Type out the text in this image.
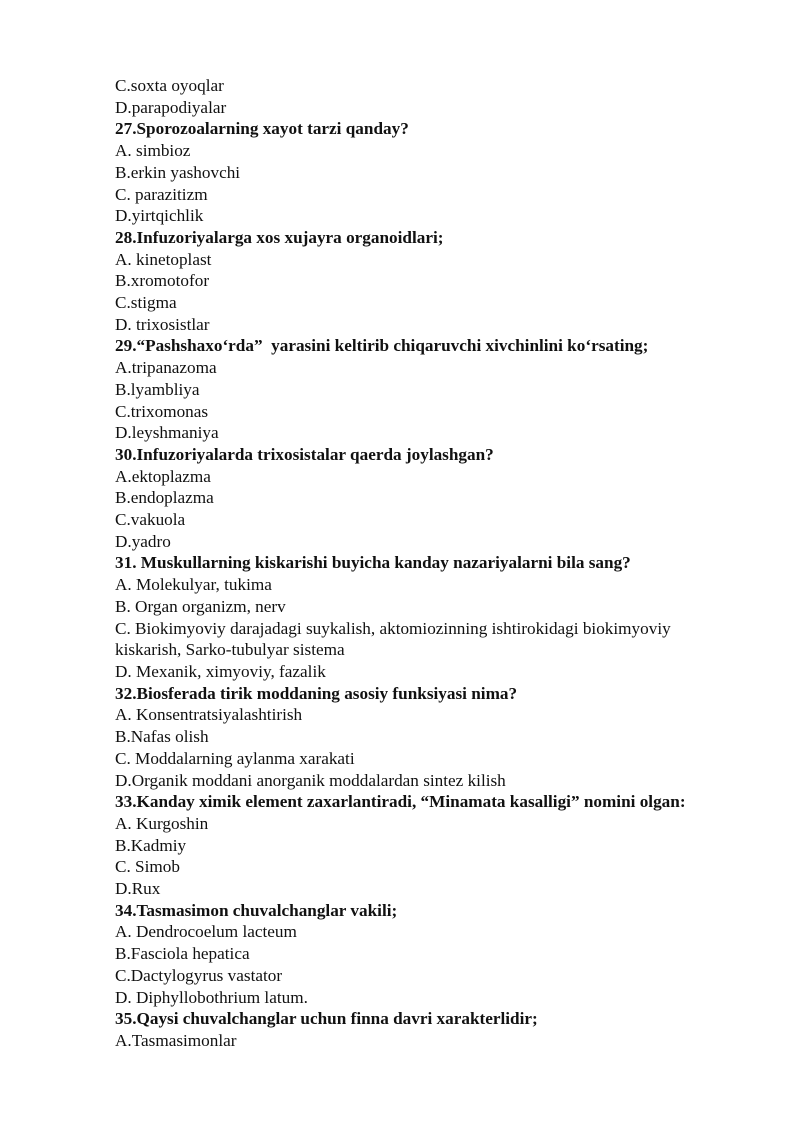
C.soxta oyoqlar
D.parapodiyalar
27.Sporozoalarning xayot tarzi qanday?
A. simbioz
B.erkin yashovchi
C. parazitizm
D.yirtqichlik
28.Infuzoriyalarga xos xujayra organoidlari;
A. kinetoplast
B.xromotofor
C.stigma
D. trixosistlar
29.“Pashshaxo‘rda”  yarasini keltirib chiqaruvchi xivchinlini ko‘rsating;
A.tripanazoma
B.lyambliya
C.trixomonas
D.leyshmaniya
30.Infuzoriyalarda trixosistalar qaerda joylashgan?
A.ektoplazma
B.endoplazma
C.vakuola
D.yadro
31. Muskullarning kiskarishi buyicha kanday nazariyalarni bila sang?
A. Molekulyar, tukima
B. Organ organizm, nerv
C. Biokimyoviy darajadagi suykalish, aktomiozinning ishtirokidagi biokimyoviy
kiskarish, Sarko-tubulyar sistema
D. Mexanik, ximyoviy, fazalik
32.Biosferada tirik moddaning asosiy funksiyasi nima?
A. Konsentratsiyalashtirish
B.Nafas olish
C. Moddalarning aylanma xarakati
D.Organik moddani anorganik moddalardan sintez kilish
33.Kanday ximik element zaxarlantiradi, “Minamata kasalligi” nomini olgan:
A. Kurgoshin
B.Kadmiy
C. Simob
D.Rux
34.Tasmasimon chuvalchanglar vakili;
A. Dendrocoelum lacteum
B.Fasciola hepatica
C.Dactylogyrus vastator
D. Diphyllobothrium latum.
35.Qaysi chuvalchanglar uchun finna davri xarakterlidir;
A.Tasmasimonlar
